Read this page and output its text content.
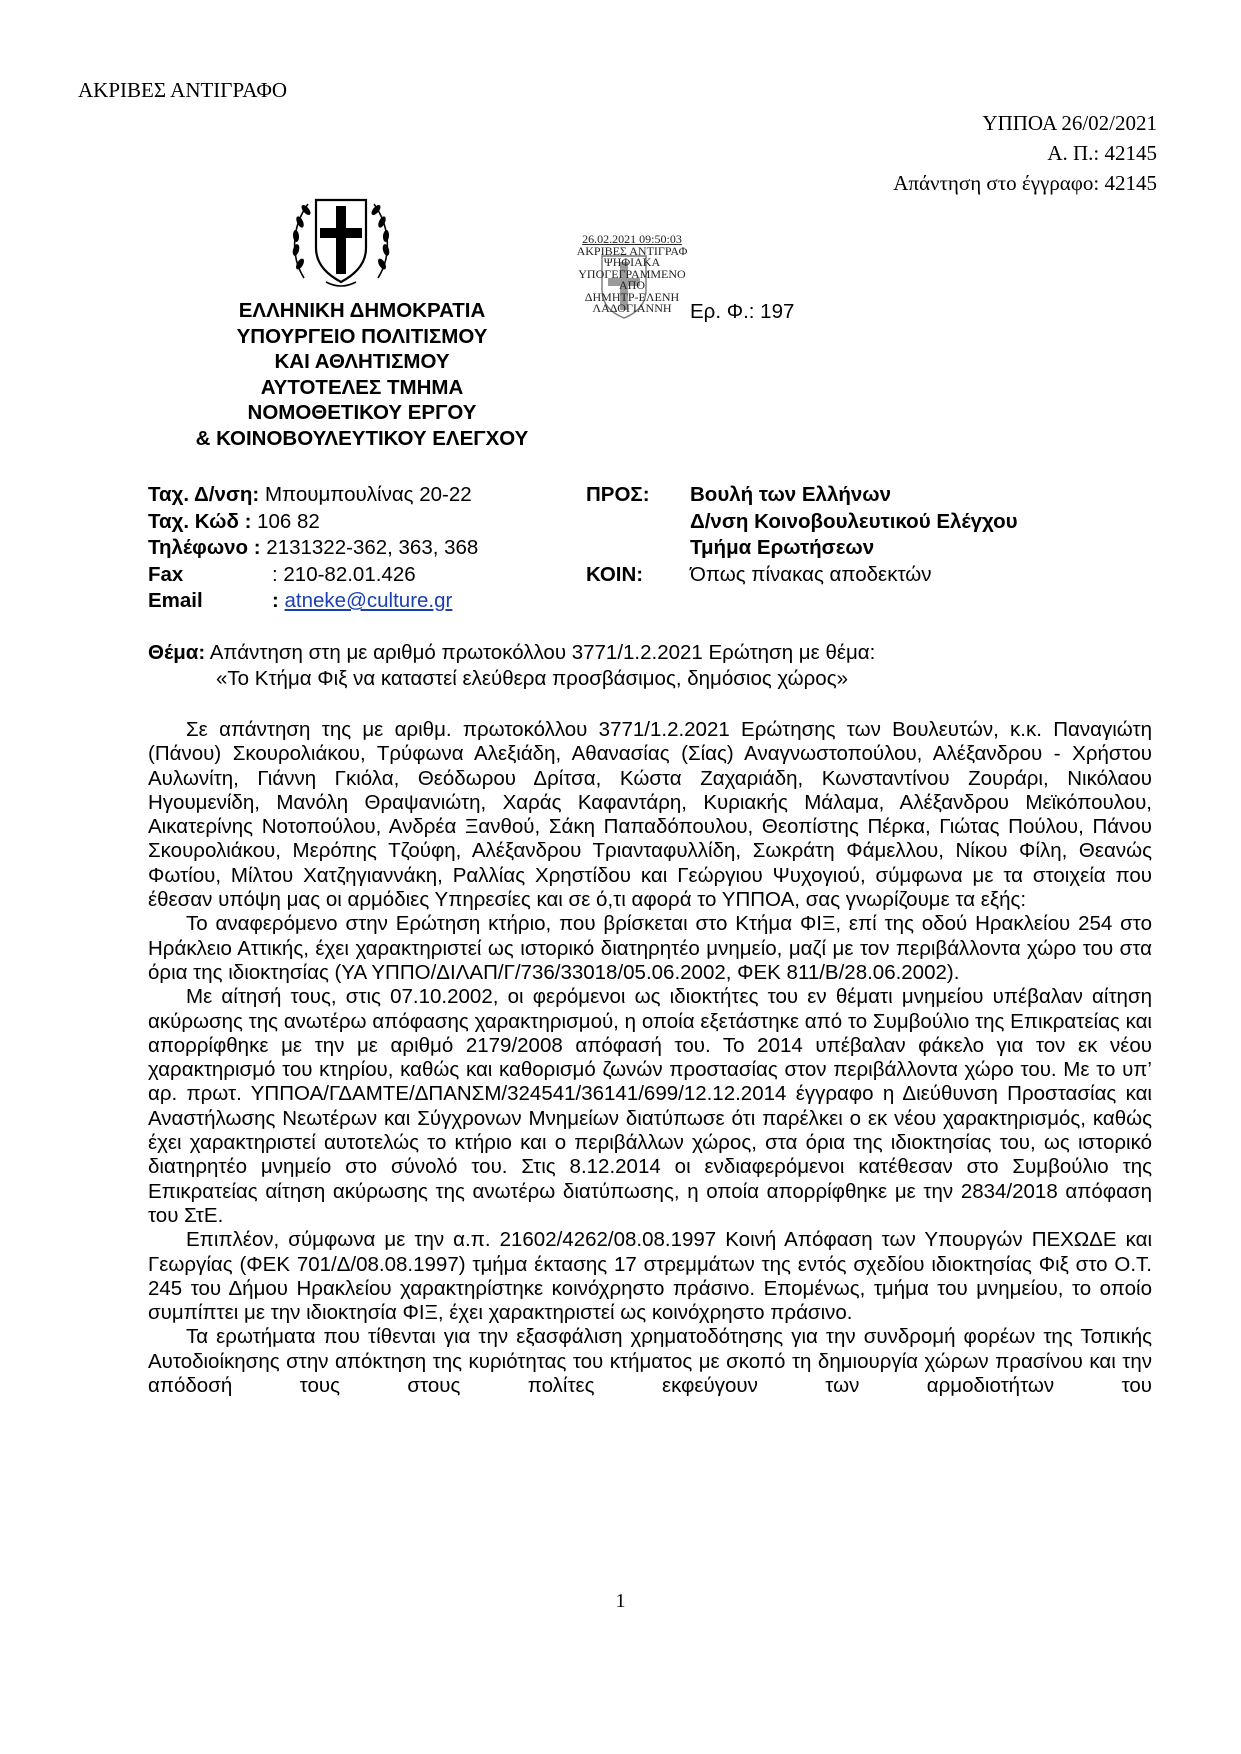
ΑΚΡΙΒΕΣ ΑΝΤΙΓΡΑΦΟ
ΥΠΠΟΑ 26/02/2021
Α. Π.: 42145
Απάντηση στο έγγραφο: 42145
ΕΛΛΗΝΙΚΗ ΔΗΜΟΚΡΑΤΙΑ
ΥΠΟΥΡΓΕΙΟ ΠΟΛΙΤΙΣΜΟΥ
ΚΑΙ ΑΘΛΗΤΙΣΜΟΥ
ΑΥΤΟΤΕΛΕΣ ΤΜΗΜΑ
ΝΟΜΟΘΕΤΙΚΟΥ ΕΡΓΟΥ
& ΚΟΙΝΟΒΟΥΛΕΥΤΙΚΟΥ ΕΛΕΓΧΟΥ
26.02.2021 09:50:03
ΑΚΡΙΒΕΣ ΑΝΤΙΓΡΑΦ
ΨΗΦΙΑΚΑ
ΥΠΟΓΕΓΡΑΜΜΕΝΟ
ΑΠΟ
ΔΗΜΗΤΡ-ΕΛΕΝΗ
ΛΑΔΟΓΙΑΝΝΗ Ερ. Φ.: 197
Ταχ. Δ/νση: Μπουμπουλίνας 20-22
Ταχ. Κώδ : 106 82
Τηλέφωνο : 2131322-362, 363, 368
Fax	: 210-82.01.426
Email	: atneke@culture.gr
ΠΡΟΣ: Βουλή των Ελλήνων
Δ/νση Κοινοβουλευτικού Ελέγχου
Τμήμα Ερωτήσεων
ΚΟΙΝ: Όπως πίνακας αποδεκτών
Θέμα: Απάντηση στη με αριθμό πρωτοκόλλου 3771/1.2.2021 Ερώτηση με θέμα:
«Το Κτήμα Φιξ να καταστεί ελεύθερα προσβάσιμος, δημόσιος χώρος»

Σε απάντηση της με αριθμ. πρωτοκόλλου 3771/1.2.2021 Ερώτησης των Βουλευτών, κ.κ. Παναγιώτη (Πάνου) Σκουρολιάκου, Τρύφωνα Αλεξιάδη, Αθανασίας (Σίας) Αναγνωστοπούλου, Αλέξανδρου - Χρήστου Αυλωνίτη, Γιάννη Γκιόλα, Θεόδωρου Δρίτσα, Κώστα Ζαχαριάδη, Κωνσταντίνου Ζουράρι, Νικόλαου Ηγουμενίδη, Μανόλη Θραψανιώτη, Χαράς Καφαντάρη, Κυριακής Μάλαμα, Αλέξανδρου Μεϊκόπουλου, Αικατερίνης Νοτοπούλου, Ανδρέα Ξανθού, Σάκη Παπαδόπουλου, Θεοπίστης Πέρκα, Γιώτας Πούλου, Πάνου Σκουρολιάκου, Μερόπης Τζούφη, Αλέξανδρου Τριανταφυλλίδη, Σωκράτη Φάμελλου, Νίκου Φίλη, Θεανώς Φωτίου, Μίλτου Χατζηγιαννάκη, Ραλλίας Χρηστίδου και Γεώργιου Ψυχογιού, σύμφωνα με τα στοιχεία που έθεσαν υπόψη μας οι αρμόδιες Υπηρεσίες και σε ό,τι αφορά το ΥΠΠΟΑ, σας γνωρίζουμε τα εξής:

Το αναφερόμενο στην Ερώτηση κτήριο, που βρίσκεται στο Κτήμα ΦΙΞ, επί της οδού Ηρακλείου 254 στο Ηράκλειο Αττικής, έχει χαρακτηριστεί ως ιστορικό διατηρητέο μνημείο, μαζί με τον περιβάλλοντα χώρο του στα όρια της ιδιοκτησίας (ΥΑ ΥΠΠΟ/ΔΙΛΑΠ/Γ/736/33018/05.06.2002, ΦΕΚ 811/Β/28.06.2002).

Με αίτησή τους, στις 07.10.2002, οι φερόμενοι ως ιδιοκτήτες του εν θέματι μνημείου υπέβαλαν αίτηση ακύρωσης της ανωτέρω απόφασης χαρακτηρισμού, η οποία εξετάστηκε από το Συμβούλιο της Επικρατείας και απορρίφθηκε με την με αριθμό 2179/2008 απόφασή του. Το 2014 υπέβαλαν φάκελο για τον εκ νέου χαρακτηρισμό του κτηρίου, καθώς και καθορισμό ζωνών προστασίας στον περιβάλλοντα χώρο του. Με το υπ’ αρ. πρωτ. ΥΠΠΟΑ/ΓΔΑΜΤΕ/ΔΠΑΝΣΜ/324541/36141/699/12.12.2014 έγγραφο η Διεύθυνση Προστασίας και Αναστήλωσης Νεωτέρων και Σύγχρονων Μνημείων διατύπωσε ότι παρέλκει ο εκ νέου χαρακτηρισμός, καθώς έχει χαρακτηριστεί αυτοτελώς το κτήριο και ο περιβάλλων χώρος, στα όρια της ιδιοκτησίας του, ως ιστορικό διατηρητέο μνημείο στο σύνολό του. Στις 8.12.2014 οι ενδιαφερόμενοι κατέθεσαν στο Συμβούλιο της Επικρατείας αίτηση ακύρωσης της ανωτέρω διατύπωσης, η οποία απορρίφθηκε με την 2834/2018 απόφαση του ΣτΕ.

Επιπλέον, σύμφωνα με την α.π. 21602/4262/08.08.1997 Κοινή Απόφαση των Υπουργών ΠΕΧΩΔΕ και Γεωργίας (ΦΕΚ 701/Δ/08.08.1997) τμήμα έκτασης 17 στρεμμάτων της εντός σχεδίου ιδιοκτησίας Φιξ στο Ο.Τ. 245 του Δήμου Ηρακλείου χαρακτηρίστηκε κοινόχρηστο πράσινο. Επομένως, τμήμα του μνημείου, το οποίο συμπίπτει με την ιδιοκτησία ΦΙΞ, έχει χαρακτηριστεί ως κοινόχρηστο πράσινο.

Τα ερωτήματα που τίθενται για την εξασφάλιση χρηματοδότησης για την συνδρομή φορέων της Τοπικής Αυτοδιοίκησης στην απόκτηση της κυριότητας του κτήματος με σκοπό τη δημιουργία χώρων πρασίνου και την απόδοσή τους στους πολίτες εκφεύγουν των αρμοδιοτήτων του

1
